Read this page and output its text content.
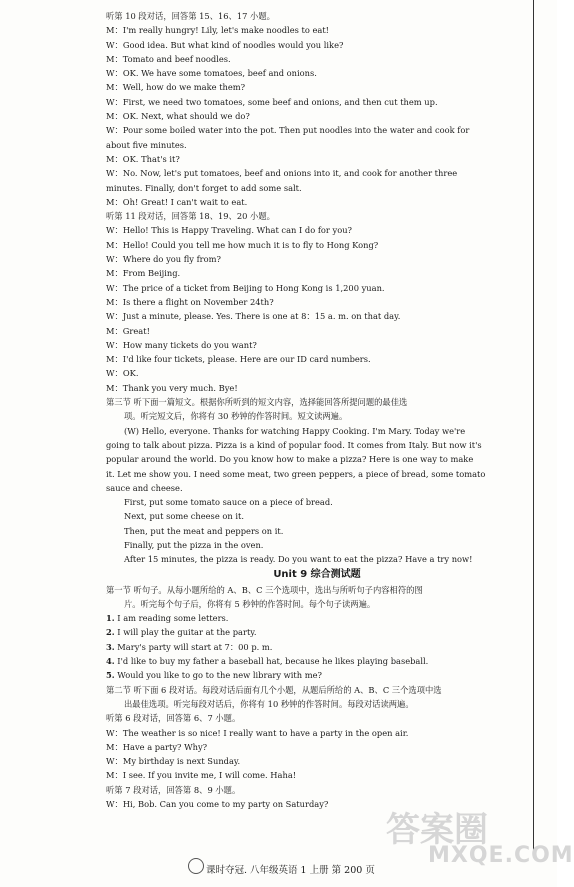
听第 10 段对话，回答第 15、16、17 小题。
M：I'm really hungry! Lily, let's make noodles to eat!
W：Good idea. But what kind of noodles would you like?
M：Tomato and beef noodles.
W：OK. We have some tomatoes, beef and onions.
M：Well, how do we make them?
W：First, we need two tomatoes, some beef and onions, and then cut them up.
M：OK. Next, what should we do?
W：Pour some boiled water into the pot. Then put noodles into the water and cook for
about five minutes.
M：OK. That's it?
W：No. Now, let's put tomatoes, beef and onions into it, and cook for another three
minutes. Finally, don't forget to add some salt.
M：Oh! Great! I can't wait to eat.
听第 11 段对话，回答第 18、19、20 小题。
W：Hello! This is Happy Traveling. What can I do for you?
M：Hello! Could you tell me how much it is to fly to Hong Kong?
W：Where do you fly from?
M：From Beijing.
W：The price of a ticket from Beijing to Hong Kong is 1,200 yuan.
M：Is there a flight on November 24th?
W：Just a minute, please. Yes. There is one at 8：15 a. m. on that day.
M：Great!
W：How many tickets do you want?
M：I'd like four tickets, please. Here are our ID card numbers.
W：OK.
M：Thank you very much. Bye!
第三节 听下面一篇短文。根据你所听到的短文内容，选择能回答所提问题的最佳选
项。听完短文后，你将有 30 秒钟的作答时间。短文读两遍。
(W) Hello, everyone. Thanks for watching Happy Cooking. I'm Mary. Today we're
going to talk about pizza. Pizza is a kind of popular food. It comes from Italy. But now it's
popular around the world. Do you know how to make a pizza? Here is one way to make
it. Let me show you. I need some meat, two green peppers, a piece of bread, some tomato
sauce and cheese.
First, put some tomato sauce on a piece of bread.
Next, put some cheese on it.
Then, put the meat and peppers on it.
Finally, put the pizza in the oven.
After 15 minutes, the pizza is ready. Do you want to eat the pizza? Have a try now!
Unit 9 综合测试题
第一节 听句子。从每小题所给的 A、B、C 三个选项中，选出与所听句子内容相符的图
片。听完每个句子后，你将有 5 秒钟的作答时间。每个句子读两遍。
1. I am reading some letters.
2. I will play the guitar at the party.
3. Mary's party will start at 7：00 p. m.
4. I'd like to buy my father a baseball hat, because he likes playing baseball.
5. Would you like to go to the new library with me?
第二节 听下面 6 段对话。每段对话后面有几个小题，从题后所给的 A、B、C 三个选项中选
出最佳选项。听完每段对话后，你将有 10 秒钟的作答时间。每段对话读两遍。
听第 6 段对话，回答第 6、7 小题。
W：The weather is so nice! I really want to have a party in the open air.
M：Have a party? Why?
W：My birthday is next Sunday.
M：I see. If you invite me, I will come. Haha!
听第 7 段对话，回答第 8、9 小题。
W：Hi, Bob. Can you come to my party on Saturday?
课时夺冠. 八年级英语 1 上册 第 200 页
答案圈
MXQE.COM
